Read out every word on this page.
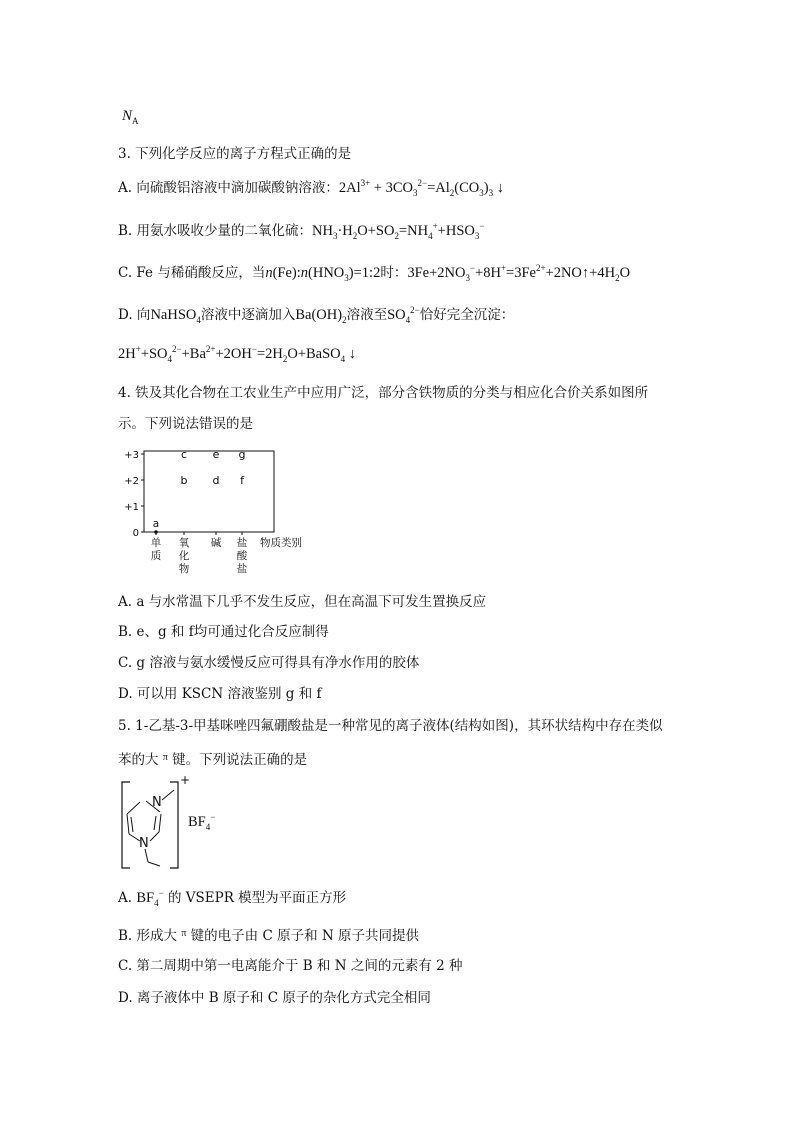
$N_A$
3. 下列化学反应的离子方程式正确的是
A. 向硫酸铝溶液中滴加碳酸钠溶液：$2Al^{3+} + 3CO_3^{2-}=Al_2(CO_3)_3$ ↓
B. 用氨水吸收少量的二氧化硫：$NH_3\cdot H_2O+SO_2=NH_4^++HSO_3^-$
C. Fe 与稀硝酸反应，当$n(Fe):n(HNO_3)=1:2$时：$3Fe+2NO_3^-+8H^+=3Fe^{2+}+2NO↑+4H_2O$
D. 向NaHSO$_4$溶液中逐滴加入$Ba(OH)_2$溶液至$SO_4^{2-}$恰好完全沉淀：
$2H^++SO_4^{2-}+Ba^{2+}+2OH^-=2H_2O+BaSO_4$ ↓
4. 铁及其化合物在工农业生产中应用广泛，部分含铁物质的分类与相应化合价关系如图所
示。下列说法错误的是
+3
+2
+1
0
单
质
氧
化
物
碱 盐
酸
盐
物质类别
a
b
c
d
e
f
g
A. a 与水常温下几乎不发生反应，但在高温下可发生置换反应
B. e、g 和 f均可通过化合反应制得
C. g 溶液与氨水缓慢反应可得具有净水作用的胶体
D. 可以用 KSCN 溶液鉴别 g 和 f
5. 1-乙基-3-甲基咪唑四氟硼酸盐是一种常见的离子液体(结构如图)，其环状结构中存在类似
苯的大 $^\pi$ 键。下列说法正确的是
+
N
N
$BF_4^-$
A. $BF_4^-$ 的 VSEPR 模型为平面正方形
B. 形成大 $^\pi$ 键的电子由 C 原子和 N 原子共同提供
C. 第二周期中第一电离能介于 B 和 N 之间的元素有 2 种
D. 离子液体中 B 原子和 C 原子的杂化方式完全相同
